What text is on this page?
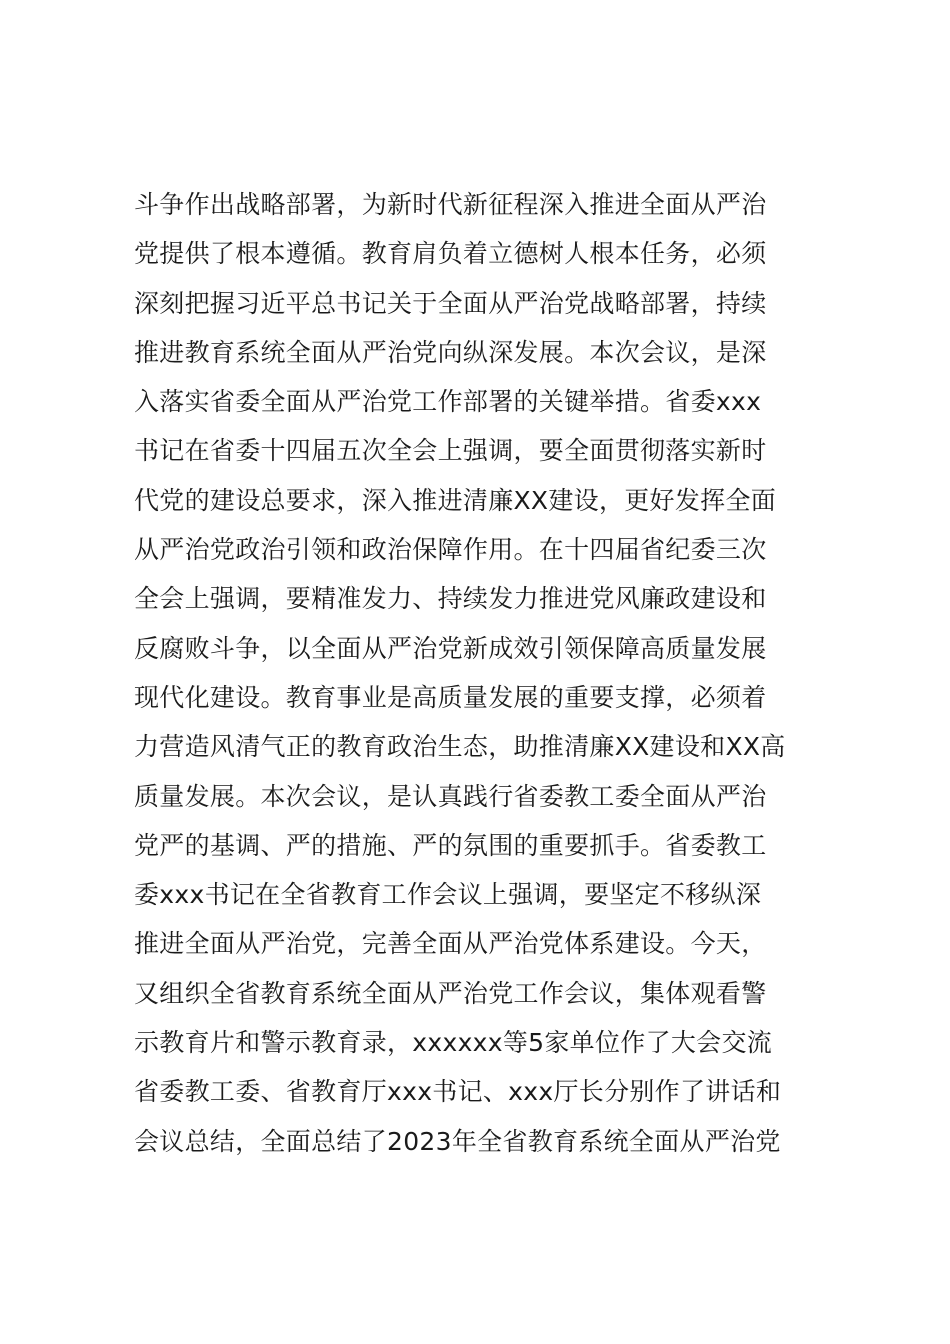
斗争作出战略部署，为新时代新征程深入推进全面从严治
党提供了根本遵循。教育肩负着立德树人根本任务，必须
深刻把握习近平总书记关于全面从严治党战略部署，持续
推进教育系统全面从严治党向纵深发展。本次会议，是深
入落实省委全面从严治党工作部署的关键举措。省委xxx
书记在省委十四届五次全会上强调，要全面贯彻落实新时
代党的建设总要求，深入推进清廉XX建设，更好发挥全面
从严治党政治引领和政治保障作用。在十四届省纪委三次
全会上强调，要精准发力、持续发力推进党风廉政建设和
反腐败斗争，以全面从严治党新成效引领保障高质量发展
现代化建设。教育事业是高质量发展的重要支撑，必须着
力营造风清气正的教育政治生态，助推清廉XX建设和XX高
质量发展。本次会议，是认真践行省委教工委全面从严治
党严的基调、严的措施、严的氛围的重要抓手。省委教工
委xxx书记在全省教育工作会议上强调，要坚定不移纵深
推进全面从严治党，完善全面从严治党体系建设。今天，
又组织全省教育系统全面从严治党工作会议，集体观看警
示教育片和警示教育录，xxxxxx等5家单位作了大会交流
省委教工委、省教育厅xxx书记、xxx厅长分别作了讲话和
会议总结，全面总结了2023年全省教育系统全面从严治党
